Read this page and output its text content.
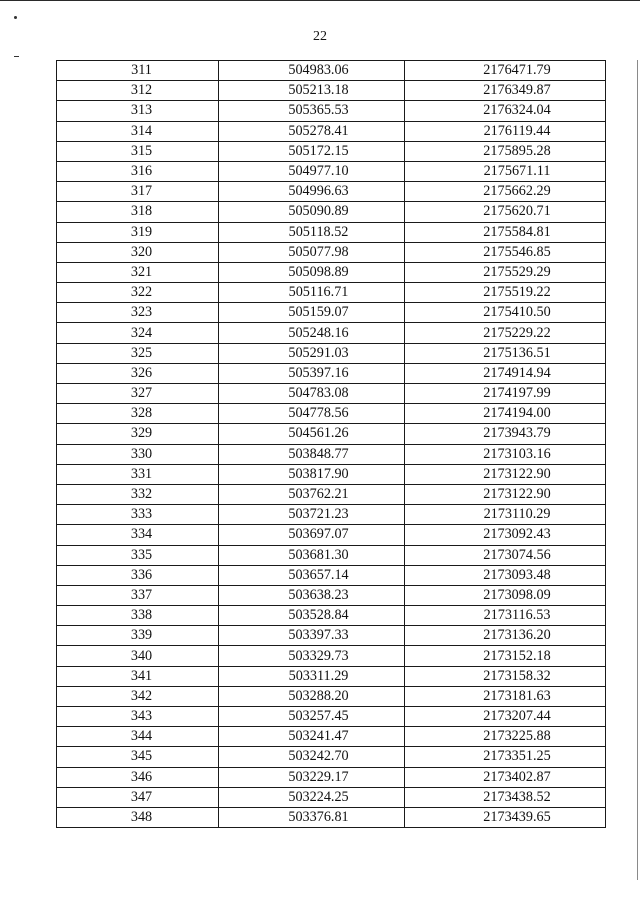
22
311	504983.06	2176471.79
312	505213.18	2176349.87
313	505365.53	2176324.04
314	505278.41	2176119.44
315	505172.15	2175895.28
316	504977.10	2175671.11
317	504996.63	2175662.29
318	505090.89	2175620.71
319	505118.52	2175584.81
320	505077.98	2175546.85
321	505098.89	2175529.29
322	505116.71	2175519.22
323	505159.07	2175410.50
324	505248.16	2175229.22
325	505291.03	2175136.51
326	505397.16	2174914.94
327	504783.08	2174197.99
328	504778.56	2174194.00
329	504561.26	2173943.79
330	503848.77	2173103.16
331	503817.90	2173122.90
332	503762.21	2173122.90
333	503721.23	2173110.29
334	503697.07	2173092.43
335	503681.30	2173074.56
336	503657.14	2173093.48
337	503638.23	2173098.09
338	503528.84	2173116.53
339	503397.33	2173136.20
340	503329.73	2173152.18
341	503311.29	2173158.32
342	503288.20	2173181.63
343	503257.45	2173207.44
344	503241.47	2173225.88
345	503242.70	2173351.25
346	503229.17	2173402.87
347	503224.25	2173438.52
348	503376.81	2173439.65
